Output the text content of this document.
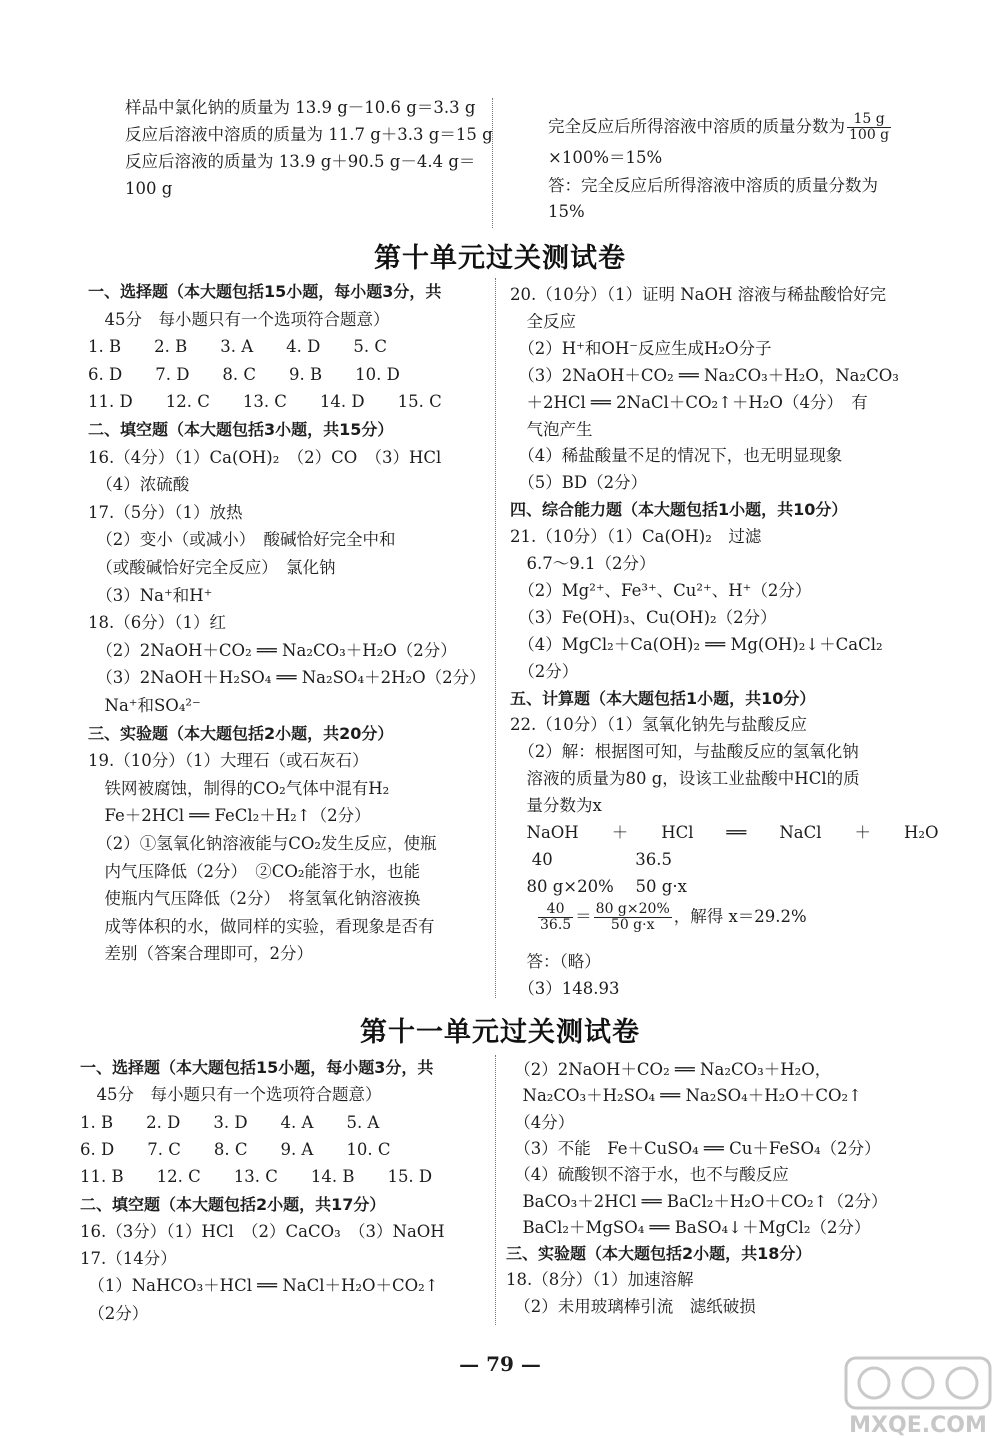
样品中氯化钠的质量为 13.9 g－10.6 g＝3.3 g
反应后溶液中溶质的质量为 11.7 g＋3.3 g＝15 g
反应后溶液的质量为 13.9 g＋90.5 g－4.4 g＝
100 g
完全反应后所得溶液中溶质的质量分数为 $\frac{15 g}{100 g}$
×100%＝15%
答：完全反应后所得溶液中溶质的质量分数为
15%
第十单元过关测试卷
一、选择题（本大题包括15小题，每小题3分，共
　45分　每小题只有一个选项符合题意）
1. B　　2. B　　3. A　　4. D　　5. C
6. D　　7. D　　8. C　　9. B　　10. D
11. D　　12. C　　13. C　　14. D　　15. C
二、填空题（本大题包括3小题，共15分）
16.（4分）（1）Ca(OH)₂　（2）CO　（3）HCl
　（4）浓硫酸
17.（5分）（1）放热
　（2）变小（或减小）　酸碱恰好完全中和
　（或酸碱恰好完全反应）　氯化钠
　（3）Na⁺和H⁺
18.（6分）（1）红
　（2）2NaOH＋CO₂ ══ Na₂CO₃＋H₂O（2分）
　（3）2NaOH＋H₂SO₄ ══ Na₂SO₄＋2H₂O（2分）
　Na⁺和SO₄²⁻
三、实验题（本大题包括2小题，共20分）
19.（10分）（1）大理石（或石灰石）
　铁网被腐蚀，制得的CO₂气体中混有H₂
　Fe＋2HCl ══ FeCl₂＋H₂↑（2分）
　（2）①氢氧化钠溶液能与CO₂发生反应，使瓶
　内气压降低（2分）　②CO₂能溶于水，也能
　使瓶内气压降低（2分）　将氢氧化钠溶液换
　成等体积的水，做同样的实验，看现象是否有
　差别（答案合理即可，2分）
20.（10分）（1）证明 NaOH 溶液与稀盐酸恰好完
　全反应
　（2）H⁺和OH⁻反应生成H₂O分子
　（3）2NaOH＋CO₂ ══ Na₂CO₃＋H₂O，Na₂CO₃
　＋2HCl ══ 2NaCl＋CO₂↑＋H₂O（4分）　有
　气泡产生
　（4）稀盐酸量不足的情况下，也无明显现象
　（5）BD（2分）
四、综合能力题（本大题包括1小题，共10分）
21.（10分）（1）Ca(OH)₂　过滤
　6.7～9.1（2分）
　（2）Mg²⁺、Fe³⁺、Cu²⁺、H⁺（2分）
　（3）Fe(OH)₃、Cu(OH)₂（2分）
　（4）MgCl₂＋Ca(OH)₂ ══ Mg(OH)₂↓＋CaCl₂
　（2分）
五、计算题（本大题包括1小题，共10分）
22.（10分）（1）氢氧化钠先与盐酸反应
　（2）解：根据图可知，与盐酸反应的氢氧化钠
　溶液的质量为80 g，设该工业盐酸中HCl的质
　量分数为x
　NaOH　　＋　　HCl　　══　　NaCl　　＋　　H₂O
　 40　　　　　36.5
　80 g×20%　 50 g·x
$\frac{40}{36.5} = \frac{80 g\times 20\%}{50 g\cdot x}$ ，解得 x＝29.2%
　答：（略）
　（3）148.93
第十一单元过关测试卷
一、选择题（本大题包括15小题，每小题3分，共
　45分　每小题只有一个选项符合题意）
1. B　　2. D　　3. D　　4. A　　5. A
6. D　　7. C　　8. C　　9. A　　10. C
11. B　　12. C　　13. C　　14. B　　15. D
二、填空题（本大题包括2小题，共17分）
16.（3分）（1）HCl　（2）CaCO₃　（3）NaOH
17.（14分）
　（1）NaHCO₃＋HCl ══ NaCl＋H₂O＋CO₂↑
　（2分）
　（2）2NaOH＋CO₂ ══ Na₂CO₃＋H₂O，
　Na₂CO₃＋H₂SO₄ ══ Na₂SO₄＋H₂O＋CO₂↑
　（4分）
　（3）不能　Fe＋CuSO₄ ══ Cu＋FeSO₄（2分）
　（4）硫酸钡不溶于水，也不与酸反应
　BaCO₃＋2HCl ══ BaCl₂＋H₂O＋CO₂↑（2分）
　BaCl₂＋MgSO₄ ══ BaSO₄↓＋MgCl₂（2分）
三、实验题（本大题包括2小题，共18分）
18.（8分）（1）加速溶解
　（2）未用玻璃棒引流　滤纸破损
— 79 —
MXQE.COM
